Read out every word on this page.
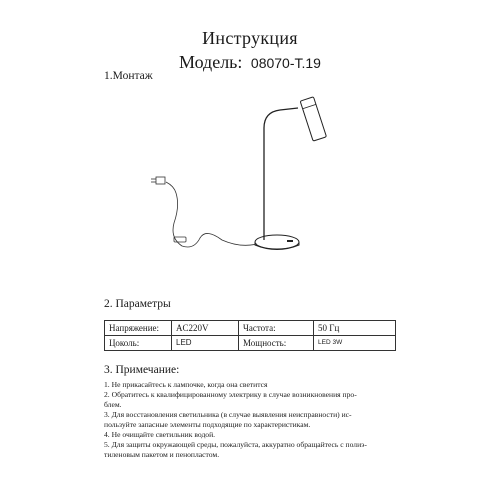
Инструкция
Модель: 08070-T.19
1.Монтаж
2. Параметры
Напряжение:	AC220V	Частота:	50 Гц
Цоколь:	LED	Мощность:	LED 3W
3. Примечание:
1. Не прикасайтесь к лампочке, когда она светится
2. Обратитесь к квалифицированному электрику в случае возникновения про-
блем.
3. Для восстановления светильника (в случае выявления неисправности) ис-
пользуйте запасные элементы подходящие по характеристикам.
4. Не очищайте светильник водой.
5. Для защиты окружающей среды, пожалуйста, аккуратно обращайтесь с полиэ-
тиленовым пакетом и пенопластом.
